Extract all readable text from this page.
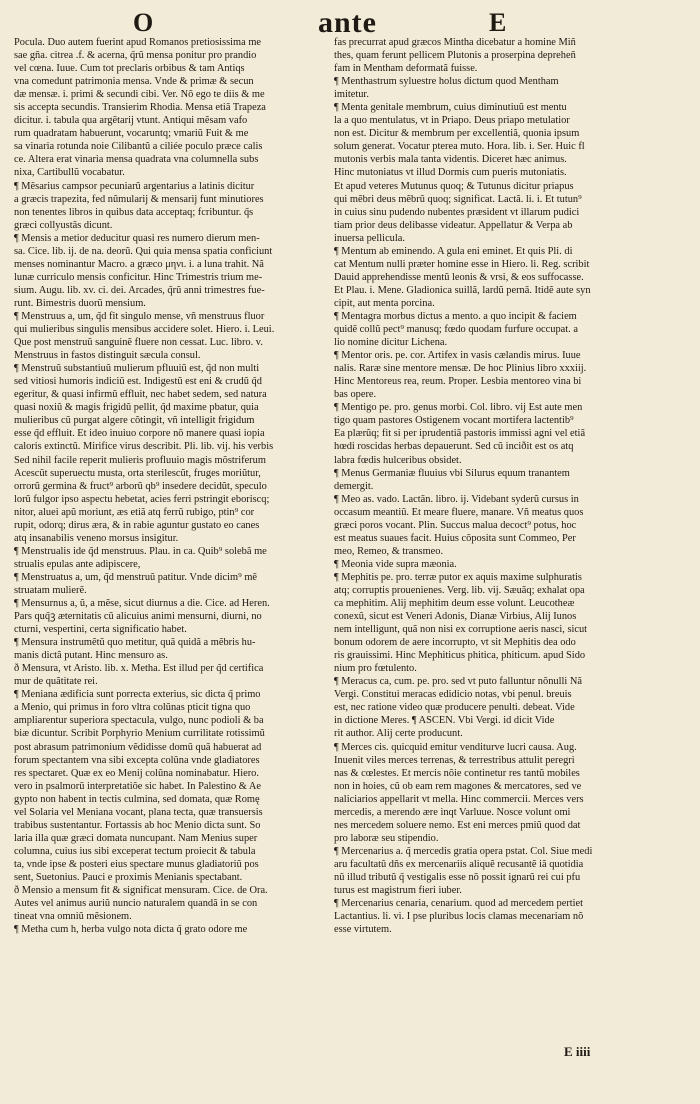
O	ante	E
Pocula. Duo autem fuerint apud Romanos pretiosissima me
sae gña. citrea .f. & acerna, q̃rũ mensa ponitur pro prandio
vel cœna. Iuue. Cum tot preclaris orbibus & tam Antiqs
vna comedunt patrimonia mensa. Vnde & primæ & secun
dæ mensæ. i. primi & secundi cibi. Ver. Nõ ego te diis & me
sis accepta secundis. Transierim Rhodia. Mensa etiã Trapeza
dicitur. i. tabula qua argẽtarij vtunt. Antiqui mẽsam vafo
rum quadratam habuerunt, vocaruntq; vmariũ Fuit & me
sa vinaria rotunda noie Cilibantũ a ciliée poculo præce calis
ce. Altera erat vinaria mensa quadrata vna columnella subs
nixa, Cartibullũ vocabatur.
¶ Mẽsarius campsor pecuniarũ argentarius a latinis dicitur
a græcis trapezita, fed nũmularij & mensarij funt minutiores
non tenentes libros in quibus data acceptaq; fcribuntur. q̃s
græci collyustãs dicunt.
¶ Mensis a metior deducitur quasi res numero dierum men-
sa. Cice. lib. ij. de na. deorũ. Qui quia mensa spatia conficiunt
menses nominantur Macro. a græco μηνι. i. a luna trahit. Nã
lunæ curriculo mensis conficitur. Hinc Trimestris trium me-
sium. Augu. lib. xv. ci. dei. Arcades, q̃rũ anni trimestres fue-
runt. Bimestris duorũ mensium.
¶ Menstruus a, um, q̃d fit singulo mense, vñ menstruus fluor
qui mulieribus singulis mensibus accidere solet. Hiero. i. Leui.
Que post menstruũ sanguinẽ fluere non cessat. Luc. libro. v.
Menstruus in fastos distinguit sæcula consul.
¶ Menstruũ substantiuũ mulierum pfluuiũ est, q̃d non multi
sed vitiosi humoris indiciũ est. Indigestũ est eni & crudũ q̃d
egeritur, & quasi infirmũ effluit, nec habet sedem, sed natura
quasi noxiũ & magis frigidũ pellit, q̃d maxime pbatur, quia
mulieribus cũ purgat algere cõtingit, vñ intelligit frigidum
esse q̃d effluit. Et ideo inuiuo corpore nõ manere quasi iopia
caloris extinctũ. Mirifice virus describit. Pli. lib. vij. his verbis
Sed nihil facile reperit mulieris profluuio magis mõstriferum
Acescũt superuectu musta, orta sterilescũt, fruges moriũtur,
orrorũ germina & fruct⁹ arborũ qb⁹ insedere decidũt, speculo
lorũ fulgor ipso aspectu hebetat, acies ferri pstringit eboriscq;
nitor, aluei apũ moriunt, æs etiã atq ferrũ rubigo, ptin⁹ cor
rupit, odorq; dirus æra, & in rabie aguntur gustato eo canes
atq insanabilis veneno morsus insigitur.
¶ Menstrualis ide q̃d menstruus. Plau. in ca. Quib⁹ solebã me
strualis epulas ante adipiscere,
¶ Menstruatus a, um, q̃d menstruũ patitur. Vnde dicim⁹ mẽ
struatam mulierẽ.
¶ Mensurnus a, ũ, a mẽse, sicut diurnus a die. Cice. ad Heren.
Pars quq̃ꝫ æternitatis cũ alicuius animi mensurni, diurni, no
cturni, vespertini, certa significatio habet.
¶ Mensura instrumẽtũ quo metitur, quã quidã a mẽbris hu-
manis dictã putant. Hinc mensuro as.
ð Mensura, vt Aristo. lib. x. Metha. Est illud per q̃d certifica
mur de quãtitate rei.
¶ Meniana ædificia sunt porrecta exterius, sic dicta q̃ primo
a Menio, qui primus in foro vltra colũnas pticit tigna quo
ampliarentur superiora spectacula, vulgo, nunc podioli & ba
biæ dicuntur. Scribit Porphyrio Menium currilitate rotissimũ
post abrasum patrimonium vẽdidisse domũ quã habuerat ad
forum spectantem vna sibi excepta colũna vnde gladiatores
res spectaret. Quæ ex eo Menij colũna nominabatur. Hiero.
vero in psalmorũ interpretatiõe sic habet. In Palestino & Ae
gypto non habent in tectis culmina, sed domata, quæ Romę
vel Solaria vel Meniana vocant, plana tecta, quæ transuersis
trabibus sustentantur. Fortassis ab hoc Menio dicta sunt. So
laria illa quæ græci domata nuncupant. Nam Menius super
columna, cuius ius sibi exceperat tectum proiecit & tabula
ta, vnde ipse & posteri eius spectare munus gladiatoriũ pos
sent, Suetonius. Pauci e proximis Menianis spectabant.
ð Mensio a mensum fit & significat mensuram. Cice. de Ora.
Autes vel animus auriũ nuncio naturalem quandã in se con
tineat vna omniũ mẽsionem.
¶ Metha cum h, herba vulgo nota dicta q̃ grato odore me
fas precurrat apud græcos Mintha dicebatur a homine Miñ
thes, quam ferunt pellicem Plutonis a proserpina depreheñ
fam in Mentham deformatã fuisse.
¶ Menthastrum syluestre holus dictum quod Mentham
imitetur.
¶ Menta genitale membrum, cuius diminutiuũ est mentu
la a quo mentulatus, vt in Priapo. Deus priapo metulatior
non est. Dicitur & membrum per excellentiã, quonia ipsum
solum generat. Vocatur ptereа muto. Hora. lib. i. Ser. Huic fl
mutonis verbis mala tanta videntis. Diceret hæc animus.
Hinc mutoniatus vt illud Dormis cum pueris mutoniatis.
Et apud veteres Mutunus quoq; & Tutunus dicitur priapus
qui mẽbri deus mẽbrũ quoq; significat. Lactã. li. i. Et tutun⁹
in cuius sinu pudendo nubentes præsident vt illarum pudici
tiam prior deus delibasse videatur. Appellatur & Verpa ab
inuersa pellicula.
¶ Mentum ab eminendo. A gula eni eminet. Et quis Pli. di
cat Mentum nulli præter homine esse in Hiero. li. Reg. scribit
Dauid apprehendisse mentũ leonis & vrsi, & eos suffocasse.
Et Plau. i. Mene. Gladionica suillã, lardũ pernã. Itidẽ aute syn
cipit, aut menta porcina.
¶ Mentagra morbus dictus a mento. a quo incipit & faciem
quidẽ collũ pect⁹ manusq; fœdo quodam furfure occupat. a
lio nomine dicitur Lichena.
¶ Mentor oris. pe. cor. Artifex in vasis cælandis mirus. Iuue
nalis. Raræ sine mentore mensæ. De hoc Plinius libro xxxiij.
Hinc Mentoreus rea, reum. Proper. Lesbia mentoreo vina bi
bas opere.
¶ Mentigo pe. pro. genus morbi. Col. libro. vij Est aute men
tigo quam pastores Ostigenem vocant mortifera lactentib⁹
Ea plærũq; fit si per iprudentiã pastoris immissi agni vel etiã
hœdi roscidas herbas depauerunt. Sed cũ inciðit est os atq
labra fœdis hulceribus obsidet.
¶ Menus Germaniæ fluuius vbi Silurus equum tranantem
demergit.
¶ Meo as. vado. Lactãn. libro. ij. Videbant syderũ cursus in
occasum meantiũ. Et meare fluere, manare. Vñ meatus quos
græci poros vocant. Plin. Succus malua decoct⁹ potus, hoc
est meatus suaues facit. Huius cõposita sunt Commeo, Per
meo, Remeo, & transmeo.
¶ Meonia vide supra mæonia.
¶ Mephitis pe. pro. terræ putor ex aquis maxime sulphuratis
atq; corruptis prouenienes. Verg. lib. vij. Sæuãq; exhalat opa
ca mephitim. Alij mephitim deum esse volunt. Leucotheæ
conexũ, sicut est Veneri Adonis, Dianæ Virbius, Alij Iunos
nem intelligunt, quã non nisi ex corruptione aeris nasci, sicut
bonum odorem de aere incorrupto, vt sit Mephitis dea odo
ris grauissimi. Hinc Mephiticus phitica, phiticum. apud Sido
nium pro fœtulento.
¶ Meracus ca, cum. pe. pro. sed vt puto falluntur nõnulli Nã
Vergi. Constitui meracas edidicio notas, vbi penul. breuis
est, nec ratione video quæ producere penulti. debeat. Vide
in dictione Meres. ¶ ASCEN. Vbi Vergi. id dicit Vide
rit author. Alij certe producunt.
¶ Merces cis. quicquid emitur venditurve lucri causa. Aug.
Inuenit viles merces terrenas, & terrestribus attulit peregri
nas & cœlestes. Et mercis nõie continetur res tantũ mobiles
non in hoies, cũ ob eam rem magones & mercatores, sed ve
naliciarios appellarit vt mella. Hinc commercii. Merces vers
mercedis, a merendo ære inqt Varluue. Nosce volunt omi
nes mercedem soluere nemo. Est eni merces pmiũ quod dat
pro laboræ seu stipendio.
¶ Mercenarius a. q̃ mercedis gratia opera pstat. Col. Siue medi
aru facultatũ dñs ex mercenariis aliquẽ recusantẽ iã quotidia
nũ illud tributũ q̃ vestigalis esse nõ possit ignarũ rei cui pfu
turus est magistrum fieri iuber.
¶ Mercenarius cenaria, cenarium. quod ad mercedem pertiet
Lactantius. li. vi. I pse pluribus locis clamas mecenariam nõ
esse virtutem.
E iiii
